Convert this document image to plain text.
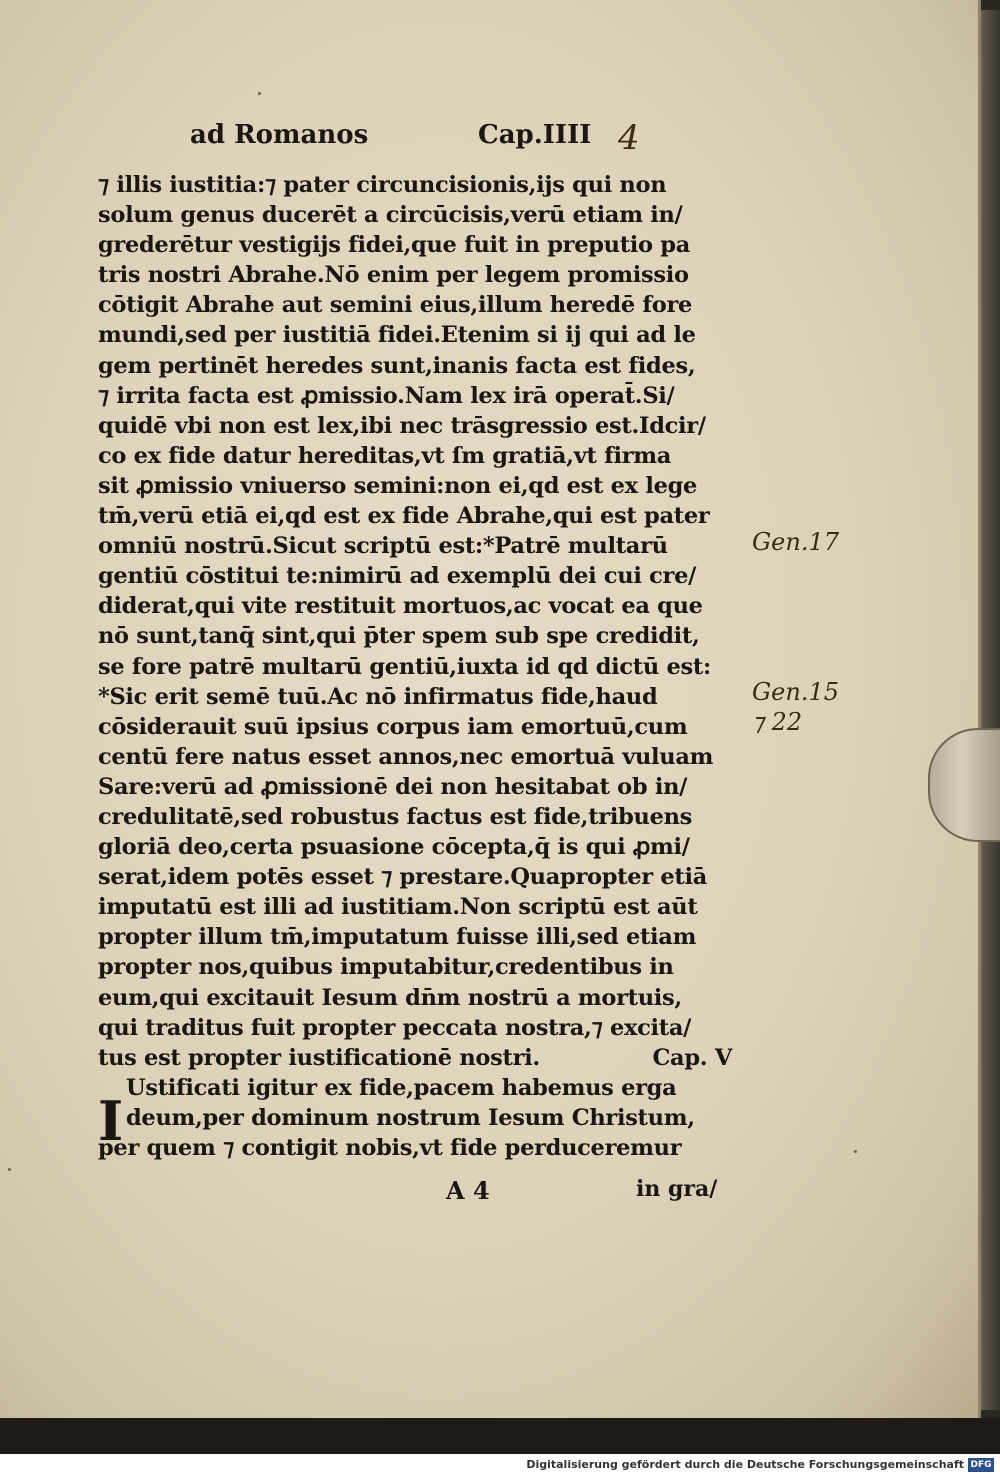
ad Romanos	Cap.IIII 4
⁊ illis iustitia:⁊ pater circuncisionis,ijs qui non
solum genus ducerēt a circūcisis,verū etiam in/
grederētur vestigijs fidei,que fuit in preputio pa
tris nostri Abrahe.Nō enim per legem promissio
cōtigit Abrahe aut semini eius,illum heredē fore
mundi,sed per iustitiā fidei.Etenim si ij qui ad le
gem pertinēt heredes sunt,inanis facta est fides,
⁊ irrita facta est ꝓmissio.Nam lex irā operat̄.Si/
quidē vbi non est lex,ibi nec trāsgressio est.Idcir/
co ex fide datur hereditas,vt ſm gratiā,vt firma
sit ꝓmissio vniuerso semini:non ei,qd est ex lege
tm̄,verū etiā ei,qd est ex fide Abrahe,qui est pater
omniū nostrū.Sicut scriptū est:*Patrē multarū
gentiū cōstitui te:nimirū ad exemplū dei cui cre/
diderat,qui vite restituit mortuos,ac vocat ea que
nō sunt,tanq̄ sint,qui p̄ter spem sub spe credidit,
se fore patrē multarū gentiū,iuxta id qd dictū est:
*Sic erit semē tuū.Ac nō infirmatus fide,haud
cōsiderauit suū ipsius corpus iam emortuū,cum
centū fere natus esset annos,nec emortuā vuluam
Sare:verū ad ꝓmissionē dei non hesitabat ob in/
credulitatē,sed robustus factus est fide,tribuens
gloriā deo,certa psuasione cōcepta,q̄ is qui ꝓmi/
serat,idem potēs esset ⁊ prestare.Quapropter etiā
imputatū est illi ad iustitiam.Non scriptū est aūt
propter illum tm̄,imputatum fuisse illi,sed etiam
propter nos,quibus imputabitur,credentibus in
eum,qui excitauit Iesum dn̄m nostrū a mortuis,
qui traditus fuit propter peccata nostra,⁊ excita/
tus est propter iustificationē nostri.	Cap. V
Ustificati igitur ex fide,pacem habemus erga
deum,per dominum nostrum Iesum Christum,
per quem ⁊ contigit nobis,vt fide perduceremur
I
A 4	in gra/
Gen.17
Gen.15
⁊ 22
Digitalisierung gefördert durch die Deutsche Forschungsgemeinschaft DFG
